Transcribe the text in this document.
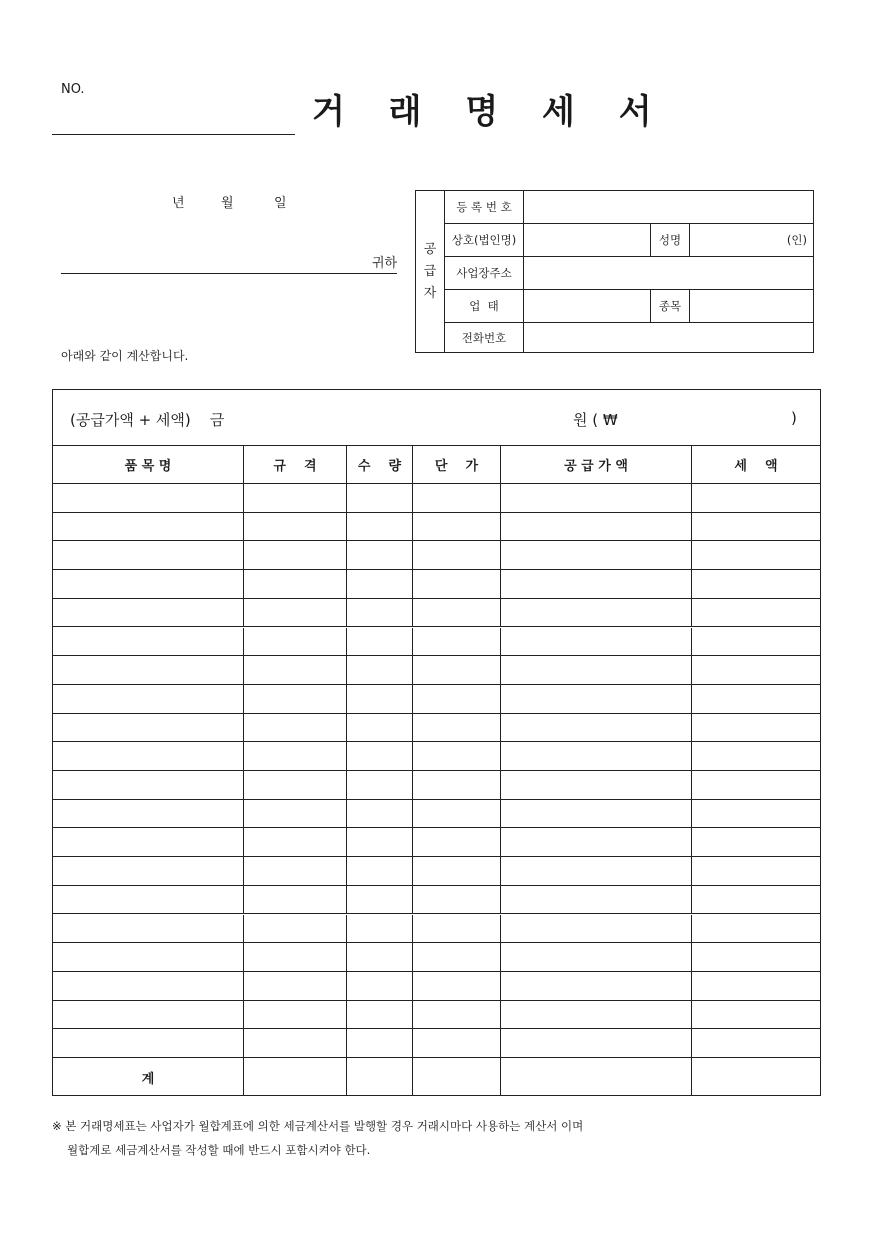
NO.
거 래 명 세 서
년	월	일
귀하
아래와 같이 계산합니다.
공
급
자
등 록 번 호
상호(법인명)	성명	(인)
사업장주소
업  태	종목
전화번호
(공급가액 + 세액)    금	원 ( ₩	)
품 목 명	규    격	수    량	단    가	공 급 가 액	세    액
계
※ 본 거래명세표는 사업자가 월합계표에 의한 세금계산서를 발행할 경우 거래시마다 사용하는 계산서 이며
월합계로 세금계산서를 작성할 때에 반드시 포함시켜야 한다.
